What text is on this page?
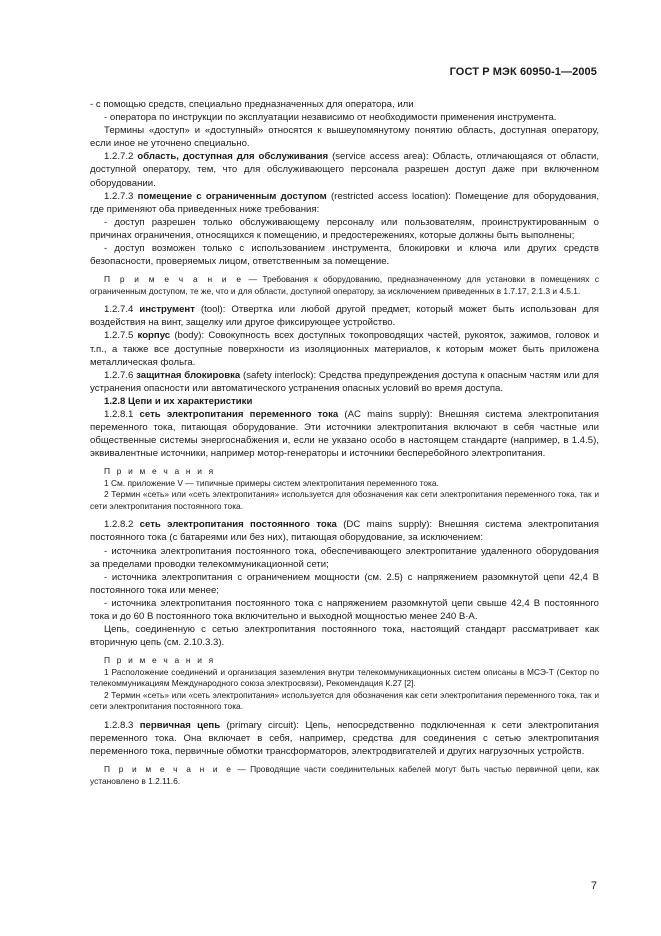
ГОСТ Р МЭК 60950-1—2005

- с помощью средств, специально предназначенных для оператора, или

- оператора по инструкции по эксплуатации независимо от необходимости применения инструмента.

Термины «доступ» и «доступный» относятся к вышеупомянутому понятию область, доступная оператору, если иное не уточнено специально.

1.2.7.2 область, доступная для обслуживания (service access area): Область, отличающаяся от области, доступной оператору, тем, что для обслуживающего персонала разрешен доступ даже при включенном оборудовании.

1.2.7.3 помещение с ограниченным доступом (restricted access location): Помещение для оборудования, где применяют оба приведенных ниже требования:

- доступ разрешен только обслуживающему персоналу или пользователям, проинструктированным о причинах ограничения, относящихся к помещению, и предостережениях, которые должны быть выполнены;

- доступ возможен только с использованием инструмента, блокировки и ключа или других средств безопасности, проверяемых лицом, ответственным за помещение.

П р и м е ч а н и е — Требования к оборудованию, предназначенному для установки в помещениях с ограниченным доступом, те же, что и для области, доступной оператору, за исключением приведенных в 1.7.17, 2.1.3 и 4.5.1.

1.2.7.4 инструмент (tool): Отвертка или любой другой предмет, который может быть использован для воздействия на винт, защелку или другое фиксирующее устройство.

1.2.7.5 корпус (body): Совокупность всех доступных токопроводящих частей, рукояток, зажимов, головок и т.п., а также все доступные поверхности из изоляционных материалов, к которым может быть приложена металлическая фольга.

1.2.7.6 защитная блокировка (safety interlock): Средства предупреждения доступа к опасным частям или для устранения опасности или автоматического устранения опасных условий во время доступа.

1.2.8 Цепи и их характеристики

1.2.8.1 сеть электропитания переменного тока (AC mains supply): Внешняя система электропитания переменного тока, питающая оборудование. Эти источники электропитания включают в себя частные или общественные системы энергоснабжения и, если не указано особо в настоящем стандарте (например, в 1.4.5), эквивалентные источники, например мотор-генераторы и источники бесперебойного электропитания.

П р и м е ч а н и я

1 См. приложение V — типичные примеры систем электропитания переменного тока.

2 Термин «сеть» или «сеть электропитания» используется для обозначения как сети электропитания переменного тока, так и сети электропитания постоянного тока.

1.2.8.2 сеть электропитания постоянного тока (DC mains supply): Внешняя система электропитания постоянного тока (с батареями или без них), питающая оборудование, за исключением:

- источника электропитания постоянного тока, обеспечивающего электропитание удаленного оборудования за пределами проводки телекоммуникационной сети;

- источника электропитания с ограничением мощности (см. 2.5) с напряжением разомкнутой цепи 42,4 В постоянного тока или менее;

- источника электропитания постоянного тока с напряжением разомкнутой цепи свыше 42,4 В постоянного тока и до 60 В постоянного тока включительно и выходной мощностью менее 240 В·А.

Цепь, соединенную с сетью электропитания постоянного тока, настоящий стандарт рассматривает как вторичную цепь (см. 2.10.3.3).

П р и м е ч а н и я

1 Расположение соединений и организация заземления внутри телекоммуникационных систем описаны в МСЭ-Т (Сектор по телекоммуникациям Международного союза электросвязи), Рекомендация К.27 [2].

2 Термин «сеть» или «сеть электропитания» используется для обозначения как сети электропитания переменного тока, так и сети электропитания постоянного тока.

1.2.8.3 первичная цепь (primary circuit): Цепь, непосредственно подключенная к сети электропитания переменного тока. Она включает в себя, например, средства для соединения с сетью электропитания переменного тока, первичные обмотки трансформаторов, электродвигателей и других нагрузочных устройств.

П р и м е ч а н и е — Проводящие части соединительных кабелей могут быть частью первичной цепи, как установлено в 1.2.11.6.

7
